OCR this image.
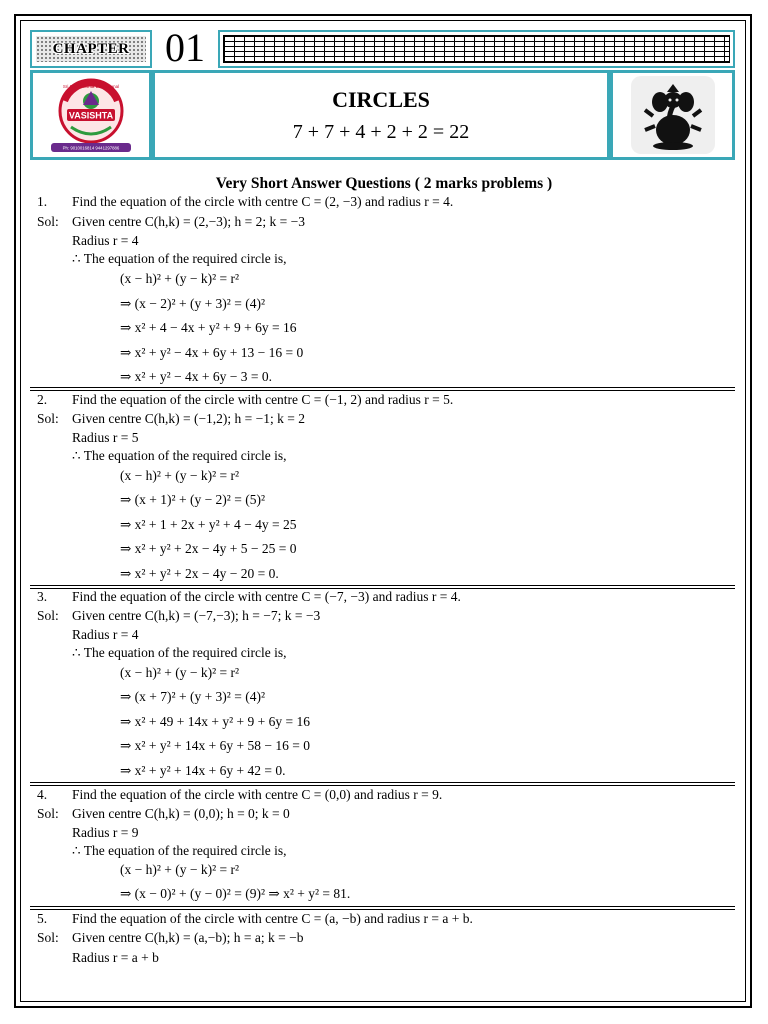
CHAPTER 01
VASISHTA
Ph: 9010016814 9441297886
Sri Sai Vasishta Educational
CIRCLES
7 + 7 + 4 + 2 + 2 = 22
Very Short Answer Questions ( 2 marks problems )
1. Find the equation of the circle with centre C = (2, −3) and radius r = 4.
Sol: Given centre C(h,k) = (2,−3); h = 2; k = −3
Radius r = 4
∴ The equation of the required circle is,
(x − h)² + (y − k)² = r²
⇒ (x − 2)² + (y + 3)² = (4)²
⇒ x² + 4 − 4x + y² + 9 + 6y = 16
⇒ x² + y² − 4x + 6y + 13 − 16 = 0
⇒ x² + y² − 4x + 6y − 3 = 0.
2. Find the equation of the circle with centre C = (−1, 2) and radius r = 5.
Sol: Given centre C(h,k) = (−1,2); h = −1; k = 2
Radius r = 5
∴ The equation of the required circle is,
(x − h)² + (y − k)² = r²
⇒ (x + 1)² + (y − 2)² = (5)²
⇒ x² + 1 + 2x + y² + 4 − 4y = 25
⇒ x² + y² + 2x − 4y + 5 − 25 = 0
⇒ x² + y² + 2x − 4y − 20 = 0.
3. Find the equation of the circle with centre C = (−7, −3) and radius r = 4.
Sol: Given centre C(h,k) = (−7,−3); h = −7; k = −3
Radius r = 4
∴ The equation of the required circle is,
(x − h)² + (y − k)² = r²
⇒ (x + 7)² + (y + 3)² = (4)²
⇒ x² + 49 + 14x + y² + 9 + 6y = 16
⇒ x² + y² + 14x + 6y + 58 − 16 = 0
⇒ x² + y² + 14x + 6y + 42 = 0.
4. Find the equation of the circle with centre C = (0,0) and radius r = 9.
Sol: Given centre C(h,k) = (0,0); h = 0; k = 0
Radius r = 9
∴ The equation of the required circle is,
(x − h)² + (y − k)² = r²
⇒ (x − 0)² + (y − 0)² = (9)² ⇒ x² + y² = 81.
5. Find the equation of the circle with centre C = (a, −b) and radius r = a + b.
Sol: Given centre C(h,k) = (a,−b); h = a; k = −b
Radius r = a + b
